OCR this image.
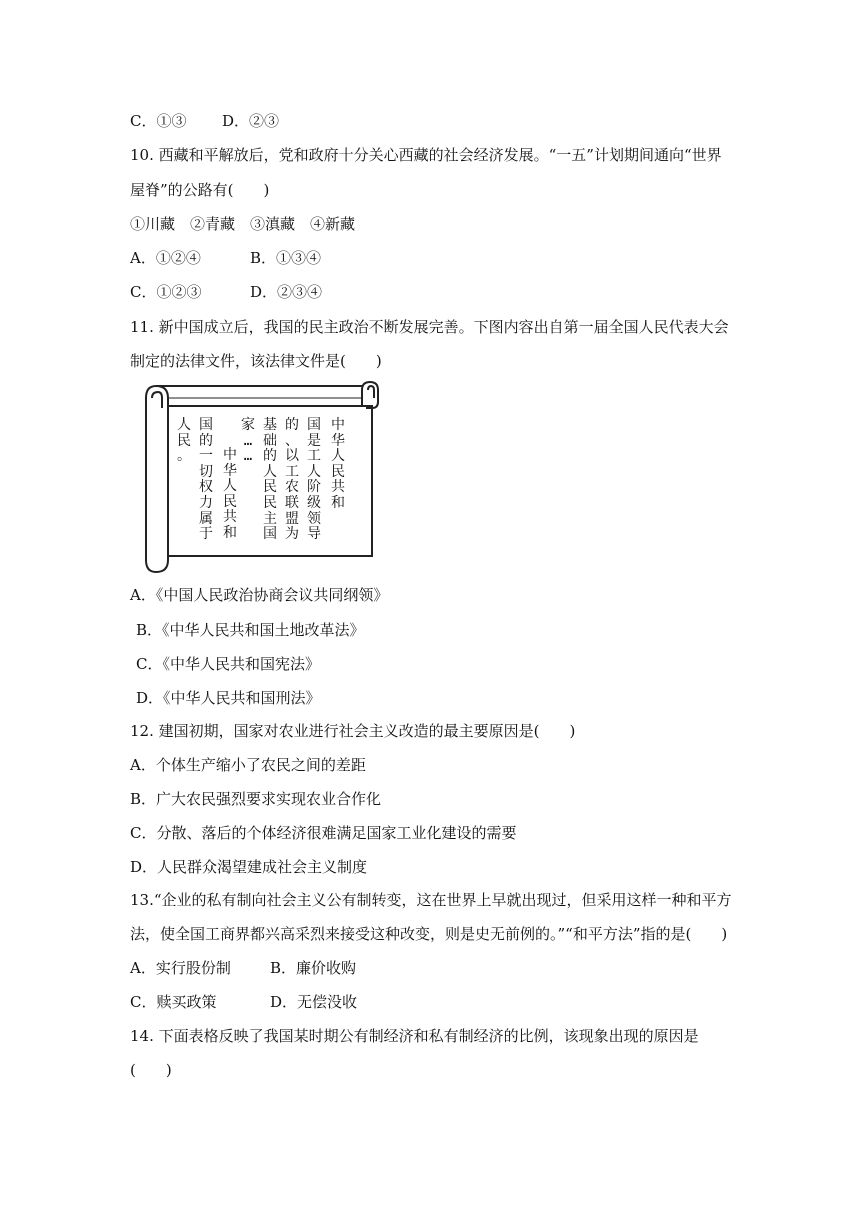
C．①③ D．②③
10. 西藏和平解放后，党和政府十分关心西藏的社会经济发展。“一五”计划期间通向“世界
屋脊”的公路有(　　)
①川藏　②青藏　③滇藏　④新藏
A．①②④	B．①③④
C．①②③	D．②③④
11. 新中国成立后，我国的民主政治不断发展完善。下图内容出自第一届全国人民代表大会
制定的法律文件，该法律文件是(　　)
中
华
人
民
共
和
国
是
工
人
阶
级
领
导
的
、
以
工
农
联
盟
为
基
础
的
人
民
民
主
国
家
…
…
中
华
人
民
共
和
国
的
一
切
权
力
属
于
人
民
。
A．《中国人民政治协商会议共同纲领》
B．《中华人民共和国土地改革法》
C．《中华人民共和国宪法》
D．《中华人民共和国刑法》
12. 建国初期，国家对农业进行社会主义改造的最主要原因是(　　)
A．个体生产缩小了农民之间的差距
B．广大农民强烈要求实现农业合作化
C．分散、落后的个体经济很难满足国家工业化建设的需要
D．人民群众渴望建成社会主义制度
13.“企业的私有制向社会主义公有制转变，这在世界上早就出现过，但采用这样一种和平方
法，使全国工商界都兴高采烈来接受这种改变，则是史无前例的。”“和平方法”指的是(　　)
A．实行股份制	B．廉价收购
C．赎买政策	D．无偿没收
14. 下面表格反映了我国某时期公有制经济和私有制经济的比例，该现象出现的原因是
(　　)
